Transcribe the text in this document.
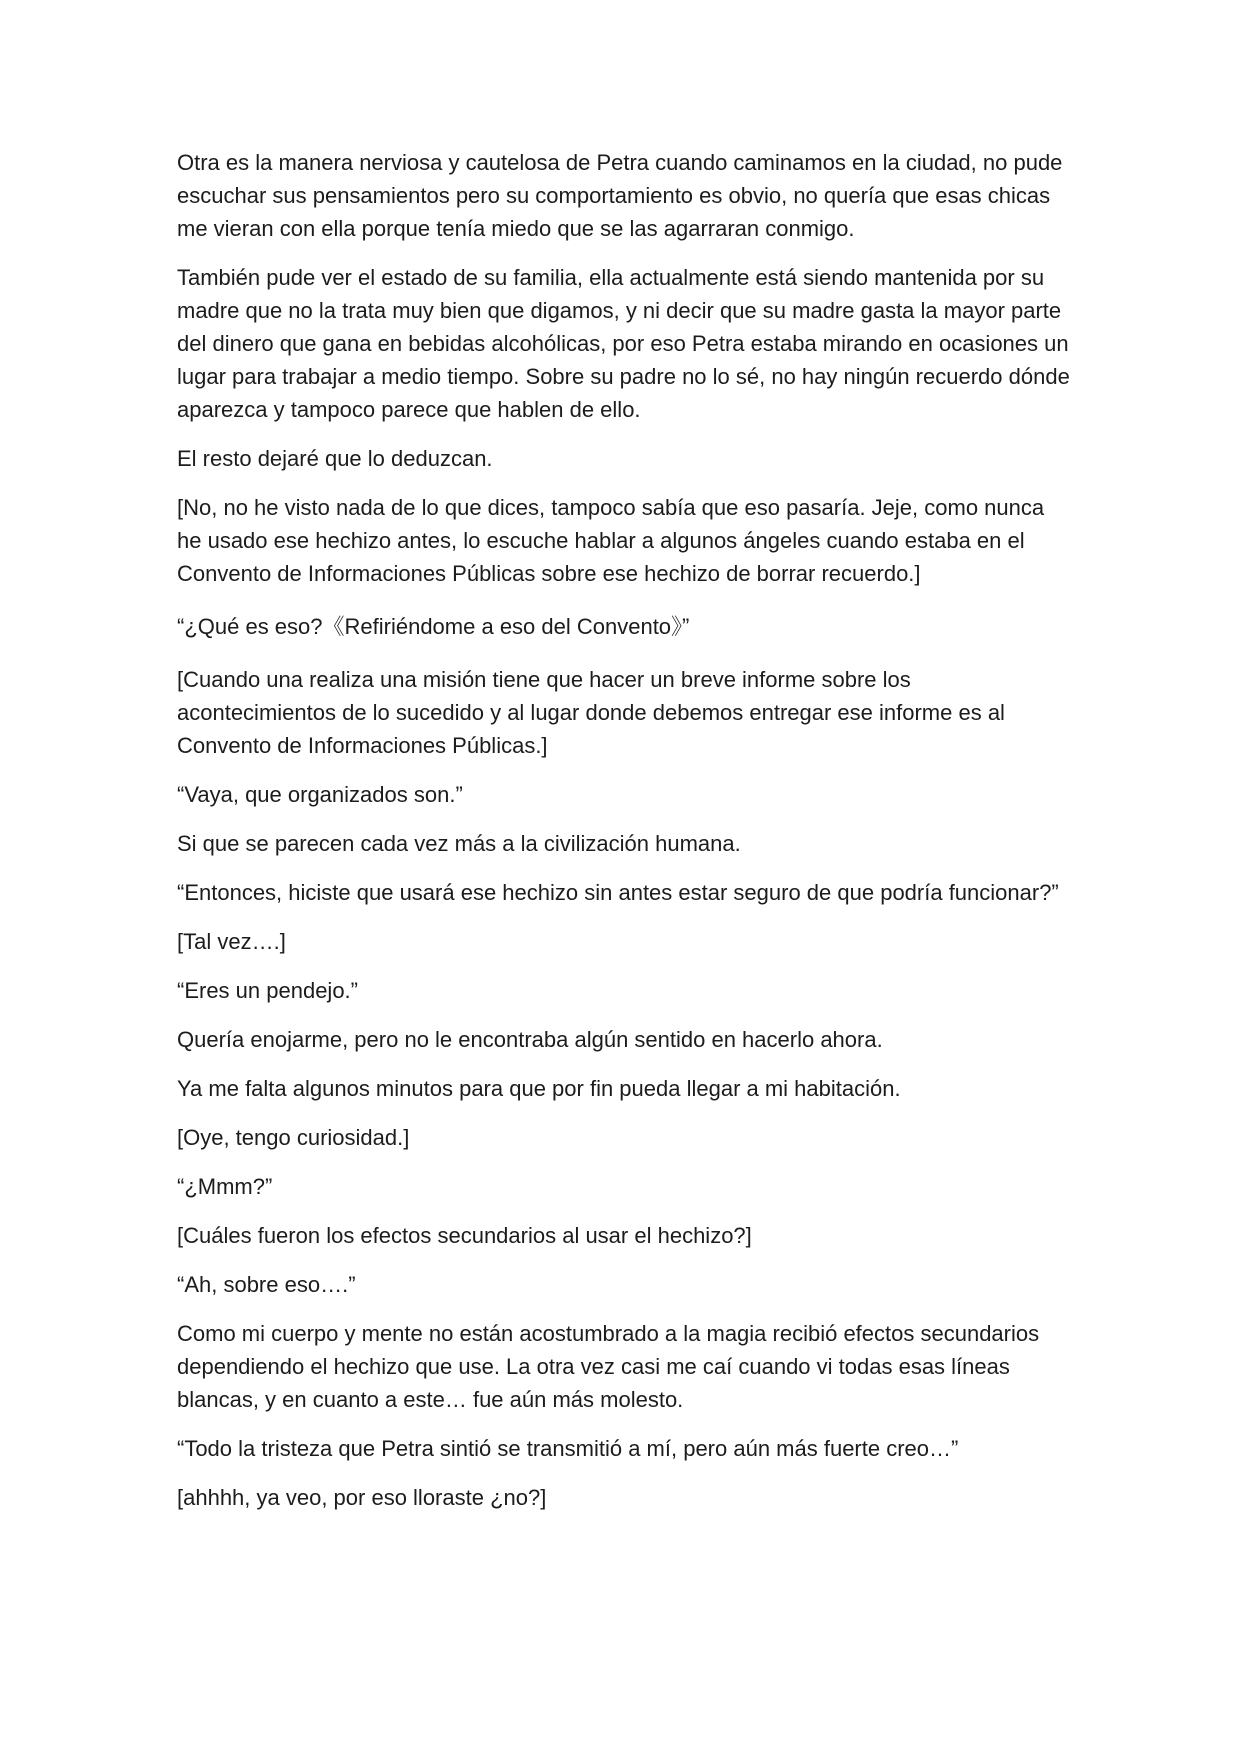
Otra es la manera nerviosa y cautelosa de Petra cuando caminamos en la ciudad, no pude escuchar sus pensamientos pero su comportamiento es obvio, no quería que esas chicas me vieran con ella porque tenía miedo que se las agarraran conmigo.

También pude ver el estado de su familia, ella actualmente está siendo mantenida por su madre que no la trata muy bien que digamos, y ni decir que su madre gasta la mayor parte del dinero que gana en bebidas alcohólicas, por eso Petra estaba mirando en ocasiones un lugar para trabajar a medio tiempo. Sobre su padre no lo sé, no hay ningún recuerdo dónde aparezca y tampoco parece que hablen de ello.

El resto dejaré que lo deduzcan.

[No, no he visto nada de lo que dices, tampoco sabía que eso pasaría. Jeje, como nunca he usado ese hechizo antes, lo escuche hablar a algunos ángeles cuando estaba en el Convento de Informaciones Públicas sobre ese hechizo de borrar recuerdo.]

“¿Qué es eso?《Refiriéndome a eso del Convento》”

[Cuando una realiza una misión tiene que hacer un breve informe sobre los acontecimientos de lo sucedido y al lugar donde debemos entregar ese informe es al Convento de Informaciones Públicas.]

“Vaya, que organizados son.”

Si que se parecen cada vez más a la civilización humana.

“Entonces, hiciste que usará ese hechizo sin antes estar seguro de que podría funcionar?”

[Tal vez….]

“Eres un pendejo.”

Quería enojarme, pero no le encontraba algún sentido en hacerlo ahora.

Ya me falta algunos minutos para que por fin pueda llegar a mi habitación.

[Oye, tengo curiosidad.]

“¿Mmm?”

[Cuáles fueron los efectos secundarios al usar el hechizo?]

“Ah, sobre eso….”

Como mi cuerpo y mente no están acostumbrado a la magia recibió efectos secundarios dependiendo el hechizo que use. La otra vez casi me caí cuando vi todas esas líneas blancas, y en cuanto a este… fue aún más molesto.

“Todo la tristeza que Petra sintió se transmitió a mí, pero aún más fuerte creo…”

[ahhhh, ya veo, por eso lloraste ¿no?]
